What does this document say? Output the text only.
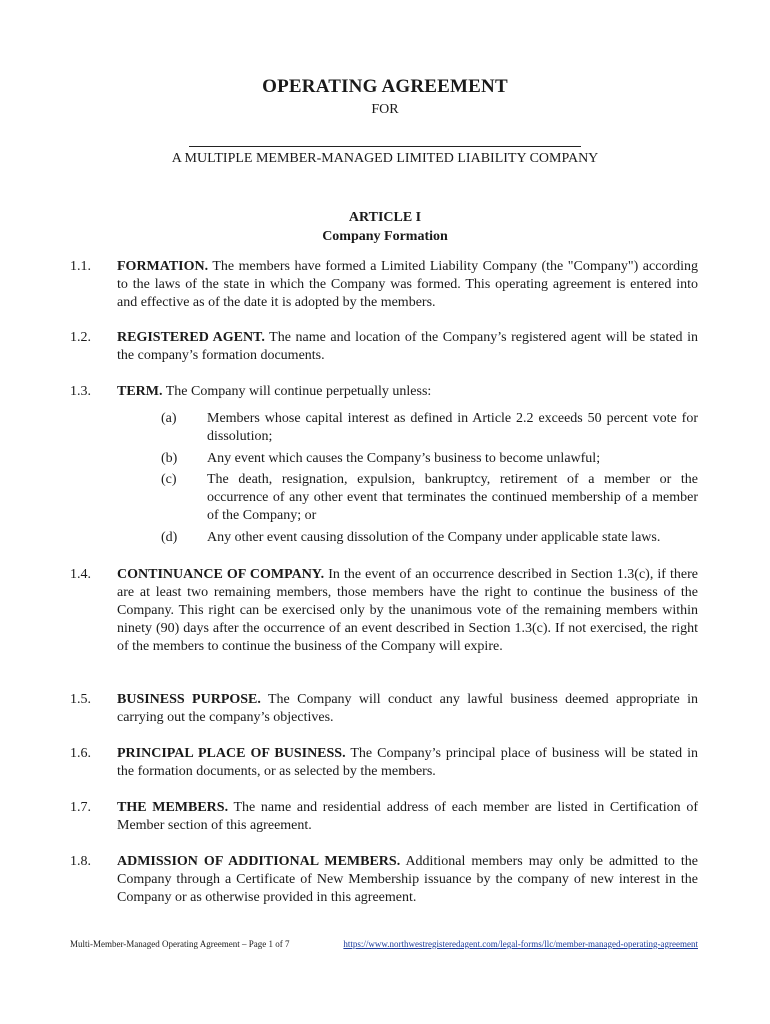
OPERATING AGREEMENT
FOR
A MULTIPLE MEMBER-MANAGED LIMITED LIABILITY COMPANY
ARTICLE I
Company Formation
1.1.	FORMATION. The members have formed a Limited Liability Company (the "Company") according to the laws of the state in which the Company was formed. This operating agreement is entered into and effective as of the date it is adopted by the members.
1.2.	REGISTERED AGENT. The name and location of the Company’s registered agent will be stated in the company’s formation documents.
1.3.	TERM. The Company will continue perpetually unless:
(a)	Members whose capital interest as defined in Article 2.2 exceeds 50 percent vote for dissolution;
(b)	Any event which causes the Company’s business to become unlawful;
(c)	The death, resignation, expulsion, bankruptcy, retirement of a member or the occurrence of any other event that terminates the continued membership of a member of the Company; or
(d)	Any other event causing dissolution of the Company under applicable state laws.
1.4.	CONTINUANCE OF COMPANY. In the event of an occurrence described in Section 1.3(c), if there are at least two remaining members, those members have the right to continue the business of the Company. This right can be exercised only by the unanimous vote of the remaining members within ninety (90) days after the occurrence of an event described in Section 1.3(c). If not exercised, the right of the members to continue the business of the Company will expire.
1.5.	BUSINESS PURPOSE. The Company will conduct any lawful business deemed appropriate in carrying out the company’s objectives.
1.6.	PRINCIPAL PLACE OF BUSINESS. The Company’s principal place of business will be stated in the formation documents, or as selected by the members.
1.7.	THE MEMBERS. The name and residential address of each member are listed in Certification of Member section of this agreement.
1.8.	ADMISSION OF ADDITIONAL MEMBERS. Additional members may only be admitted to the Company through a Certificate of New Membership issuance by the company of new interest in the Company or as otherwise provided in this agreement.
Multi-Member-Managed Operating Agreement – Page 1 of 7	https://www.northwestregisteredagent.com/legal-forms/llc/member-managed-operating-agreement
